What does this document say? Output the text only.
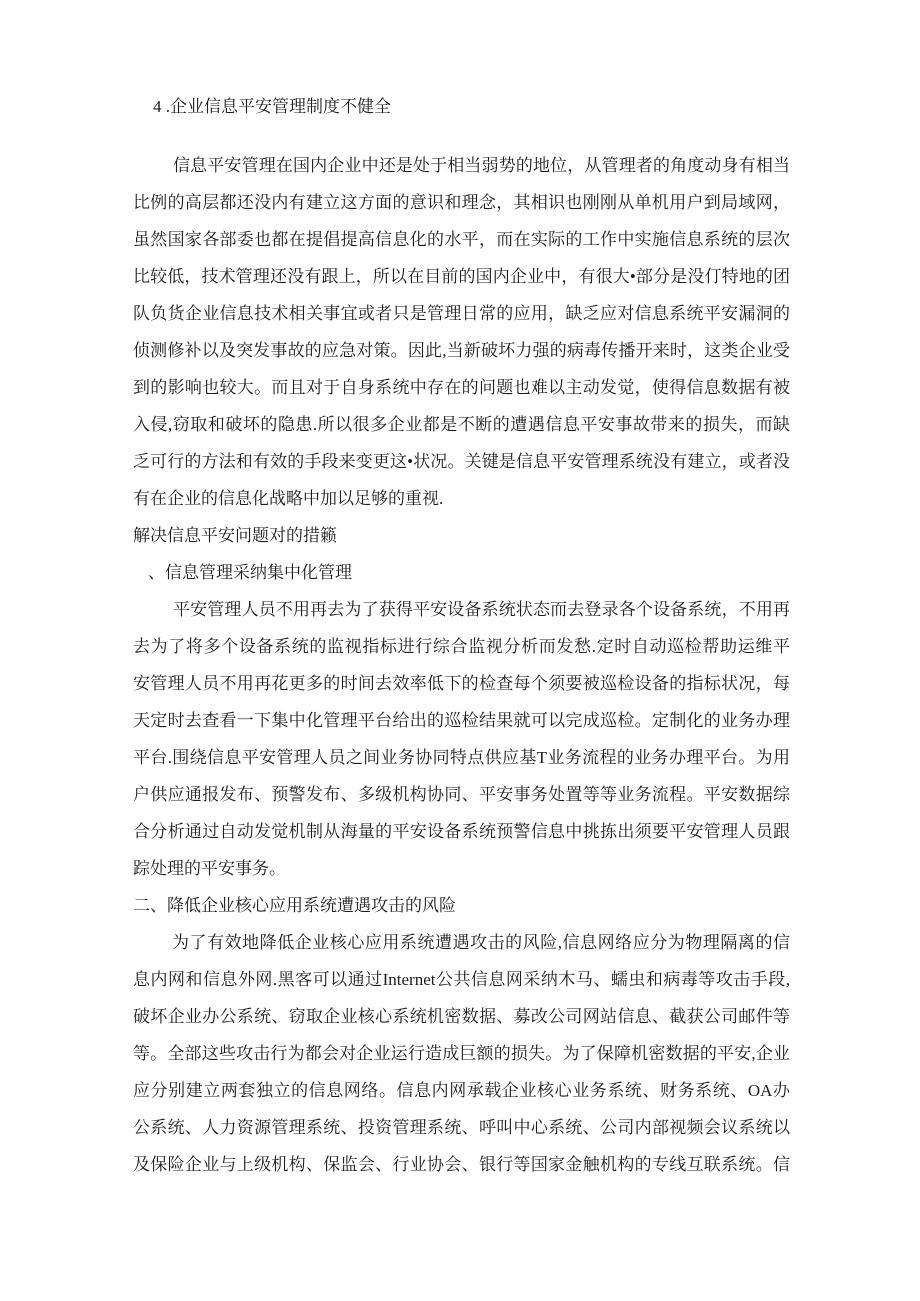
4 .企业信息平安管理制度不健全
信息平安管理在国内企业中还是处于相当弱势的地位，从管理者的角度动身有相当
比例的高层都还没内有建立这方面的意识和理念，其相识也刚刚从单机用户到局域网，
虽然国家各部委也都在提倡提高信息化的水平，而在实际的工作中实施信息系统的层次
比较低，技术管理还没有跟上，所以在目前的国内企业中，有很大•部分是没仃特地的团
队负货企业信息技术相关事宜或者只是管理日常的应用，缺乏应对信息系统平安漏洞的
侦测修补以及突发事故的应急对策。因此,当新破坏力强的病毒传播开来时，这类企业受
到的影响也较大。而且对于自身系统中存在的问题也难以主动发觉，使得信息数据有被
入侵,窃取和破坏的隐患.所以很多企业都是不断的遭遇信息平安事故带来的损失，而缺
乏可行的方法和有效的手段来变更这•状况。关键是信息平安管理系统没有建立，或者没
有在企业的信息化战略中加以足够的重视.
解决信息平安问题对的措籁
、信息管理采纳集中化管理
平安管理人员不用再去为了获得平安设备系统状态而去登录各个设备系统，不用再
去为了将多个设备系统的监视指标进行综合监视分析而发愁.定时自动巡检帮助运维平
安管理人员不用再花更多的时间去效率低下的检查每个须要被巡检设备的指标状况，每
天定时去查看一下集中化管理平台给出的巡检结果就可以完成巡检。定制化的业务办理
平台.围绕信息平安管理人员之间业务协同特点供应基T业务流程的业务办理平台。为用
户供应通报发布、预警发布、多级机构协同、平安事务处置等等业务流程。平安数据综
合分析通过自动发觉机制从海量的平安设备系统预警信息中挑拣出须要平安管理人员跟
踪处理的平安事务。
二、降低企业核心应用系统遭遇攻击的风险
为了有效地降低企业核心应用系统遭遇攻击的风险,信息网络应分为物理隔离的信
息内网和信息外网.黑客可以通过Internet公共信息网采纳木马、蠕虫和病毒等攻击手段,
破坏企业办公系统、窃取企业核心系统机密数据、募改公司网站信息、截获公司邮件等
等。全部这些攻击行为都会对企业运行造成巨额的损失。为了保障机密数据的平安,企业
应分别建立两套独立的信息网络。信息内网承载企业核心业务系统、财务系统、OA办
公系统、人力资源管理系统、投资管理系统、呼叫中心系统、公司内部视频会议系统以
及保险企业与上级机构、保监会、行业协会、银行等国家金触机构的专线互联系统。信
